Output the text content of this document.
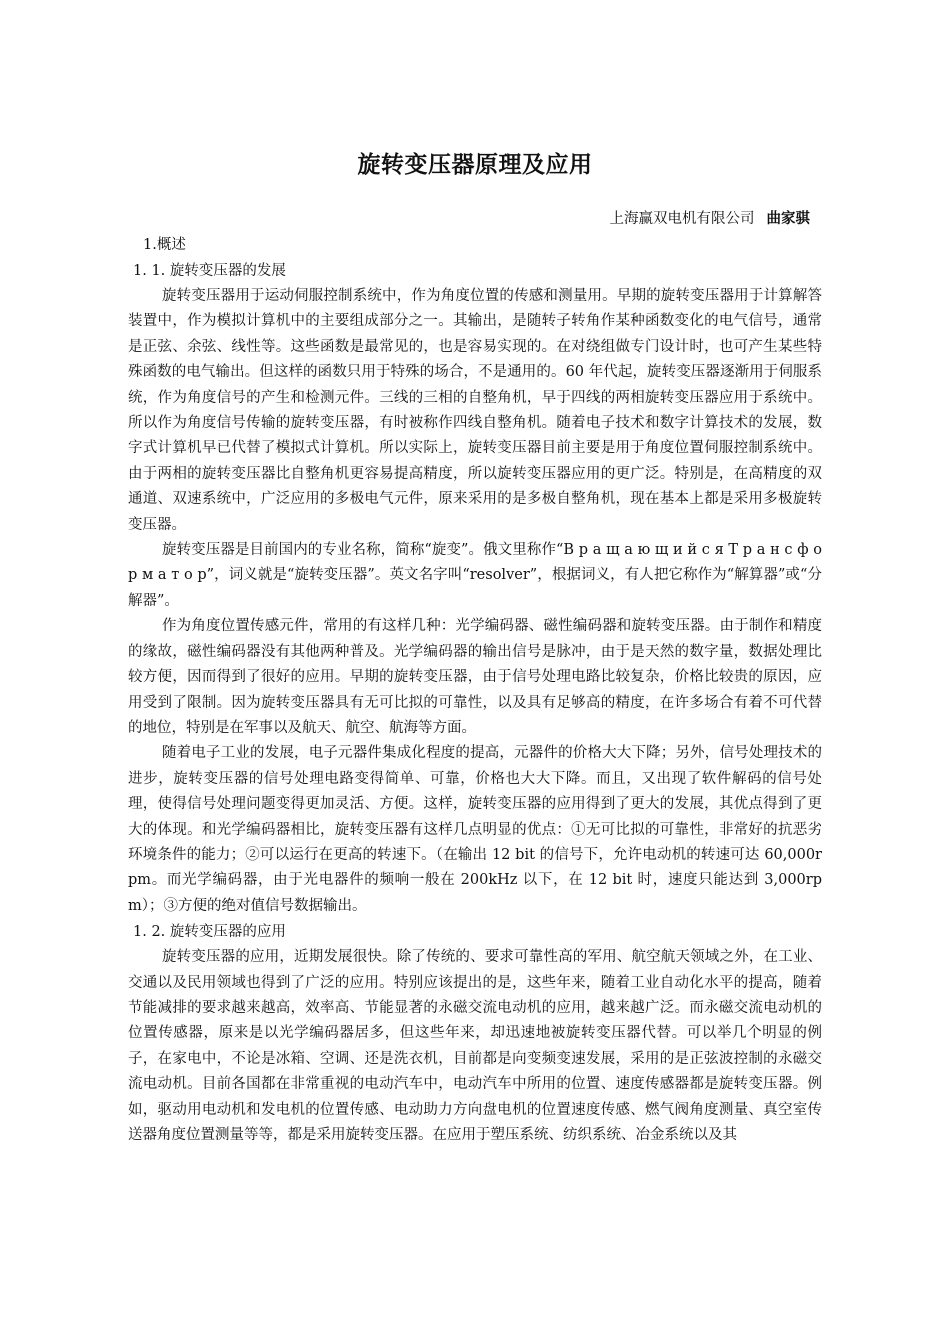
旋转变压器原理及应用

上海赢双电机有限公司 曲家骐

1.概述

1. 1. 旋转变压器的发展

旋转变压器用于运动伺服控制系统中，作为角度位置的传感和测量用。早期的旋转变压器用于计算解答装置中，作为模拟计算机中的主要组成部分之一。其输出，是随转子转角作某种函数变化的电气信号，通常是正弦、余弦、线性等。这些函数是最常见的，也是容易实现的。在对绕组做专门设计时，也可产生某些特殊函数的电气输出。但这样的函数只用于特殊的场合，不是通用的。60 年代起，旋转变压器逐渐用于伺服系统，作为角度信号的产生和检测元件。三线的三相的自整角机，早于四线的两相旋转变压器应用于系统中。所以作为角度信号传输的旋转变压器，有时被称作四线自整角机。随着电子技术和数字计算技术的发展，数字式计算机早已代替了模拟式计算机。所以实际上，旋转变压器目前主要是用于角度位置伺服控制系统中。由于两相的旋转变压器比自整角机更容易提高精度，所以旋转变压器应用的更广泛。特别是，在高精度的双通道、双速系统中，广泛应用的多极电气元件，原来采用的是多极自整角机，现在基本上都是采用多极旋转变压器。

旋转变压器是目前国内的专业名称，简称“旋变”。俄文里称作“В р а щ а ю щ и й с я Т р а н с ф о р м а т о р”，词义就是“旋转变压器”。英文名字叫“resolver”，根据词义，有人把它称作为“解算器”或“分解器”。

作为角度位置传感元件，常用的有这样几种：光学编码器、磁性编码器和旋转变压器。由于制作和精度的缘故，磁性编码器没有其他两种普及。光学编码器的输出信号是脉冲，由于是天然的数字量，数据处理比较方便，因而得到了很好的应用。早期的旋转变压器，由于信号处理电路比较复杂，价格比较贵的原因，应用受到了限制。因为旋转变压器具有无可比拟的可靠性，以及具有足够高的精度，在许多场合有着不可代替的地位，特别是在军事以及航天、航空、航海等方面。

随着电子工业的发展，电子元器件集成化程度的提高，元器件的价格大大下降；另外，信号处理技术的进步，旋转变压器的信号处理电路变得简单、可靠，价格也大大下降。而且，又出现了软件解码的信号处理，使得信号处理问题变得更加灵活、方便。这样，旋转变压器的应用得到了更大的发展，其优点得到了更大的体现。和光学编码器相比，旋转变压器有这样几点明显的优点：①无可比拟的可靠性，非常好的抗恶劣环境条件的能力；②可以运行在更高的转速下。（在输出 12 bit 的信号下，允许电动机的转速可达 60,000rpm。而光学编码器，由于光电器件的频响一般在 200kHz 以下，在 12 bit 时，速度只能达到 3,000rpm）；③方便的绝对值信号数据输出。

1. 2. 旋转变压器的应用

旋转变压器的应用，近期发展很快。除了传统的、要求可靠性高的军用、航空航天领域之外，在工业、交通以及民用领域也得到了广泛的应用。特别应该提出的是，这些年来，随着工业自动化水平的提高，随着节能减排的要求越来越高，效率高、节能显著的永磁交流电动机的应用，越来越广泛。而永磁交流电动机的位置传感器，原来是以光学编码器居多，但这些年来，却迅速地被旋转变压器代替。可以举几个明显的例子，在家电中，不论是冰箱、空调、还是洗衣机，目前都是向变频变速发展，采用的是正弦波控制的永磁交流电动机。目前各国都在非常重视的电动汽车中，电动汽车中所用的位置、速度传感器都是旋转变压器。例如，驱动用电动机和发电机的位置传感、电动助力方向盘电机的位置速度传感、燃气阀角度测量、真空室传送器角度位置测量等等，都是采用旋转变压器。在应用于塑压系统、纺织系统、冶金系统以及其
